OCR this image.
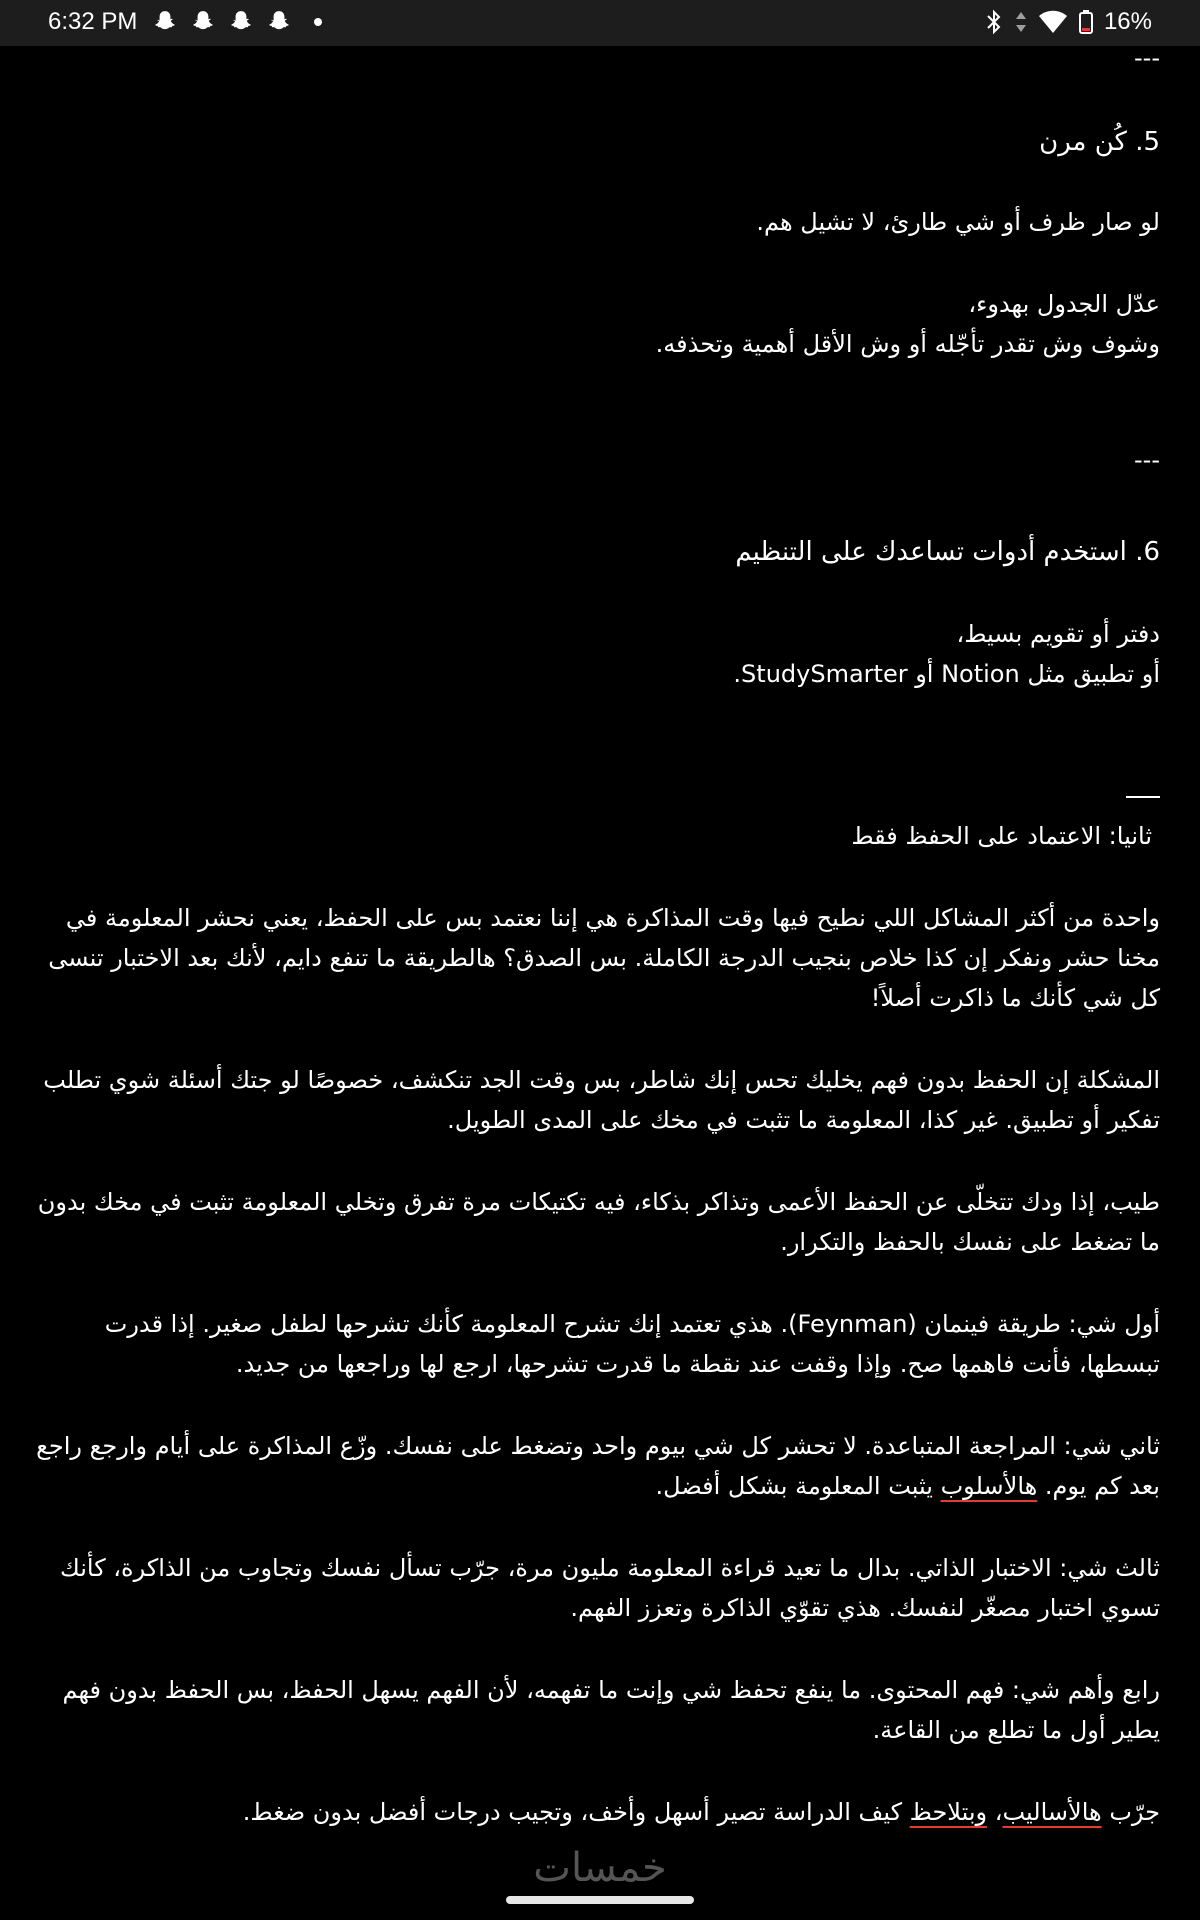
6:32 PM	16%
---
5. كُن مرن
لو صار ظرف أو شي طارئ، لا تشيل هم.
عدّل الجدول بهدوء،
وشوف وش تقدر تأجّله أو وش الأقل أهمية وتحذفه.
---
6. استخدم أدوات تساعدك على التنظيم
دفتر أو تقويم بسيط،
أو تطبيق مثل Notion أو StudySmarter.
ثانيا: الاعتماد على الحفظ فقط
واحدة من أكثر المشاكل اللي نطيح فيها وقت المذاكرة هي إننا نعتمد بس على الحفظ، يعني نحشر المعلومة في مخنا حشر ونفكر إن كذا خلاص بنجيب الدرجة الكاملة. بس الصدق؟ هالطريقة ما تنفع دايم، لأنك بعد الاختبار تنسى كل شي كأنك ما ذاكرت أصلاً!
المشكلة إن الحفظ بدون فهم يخليك تحس إنك شاطر، بس وقت الجد تنكشف، خصوصًا لو جتك أسئلة شوي تطلب تفكير أو تطبيق. غير كذا، المعلومة ما تثبت في مخك على المدى الطويل.
طيب، إذا ودك تتخلّى عن الحفظ الأعمى وتذاكر بذكاء، فيه تكتيكات مرة تفرق وتخلي المعلومة تثبت في مخك بدون ما تضغط على نفسك بالحفظ والتكرار.
أول شي: طريقة فينمان (Feynman). هذي تعتمد إنك تشرح المعلومة كأنك تشرحها لطفل صغير. إذا قدرت تبسطها، فأنت فاهمها صح. وإذا وقفت عند نقطة ما قدرت تشرحها، ارجع لها وراجعها من جديد.
ثاني شي: المراجعة المتباعدة. لا تحشر كل شي بيوم واحد وتضغط على نفسك. وزّع المذاكرة على أيام وارجع راجع بعد كم يوم. هالأسلوب يثبت المعلومة بشكل أفضل.
ثالث شي: الاختبار الذاتي. بدال ما تعيد قراءة المعلومة مليون مرة، جرّب تسأل نفسك وتجاوب من الذاكرة، كأنك تسوي اختبار مصغّر لنفسك. هذي تقوّي الذاكرة وتعزز الفهم.
رابع وأهم شي: فهم المحتوى. ما ينفع تحفظ شي وإنت ما تفهمه، لأن الفهم يسهل الحفظ، بس الحفظ بدون فهم يطير أول ما تطلع من القاعة.
جرّب هالأساليب، وبتلاحظ كيف الدراسة تصير أسهل وأخف، وتجيب درجات أفضل بدون ضغط.
خمسات
